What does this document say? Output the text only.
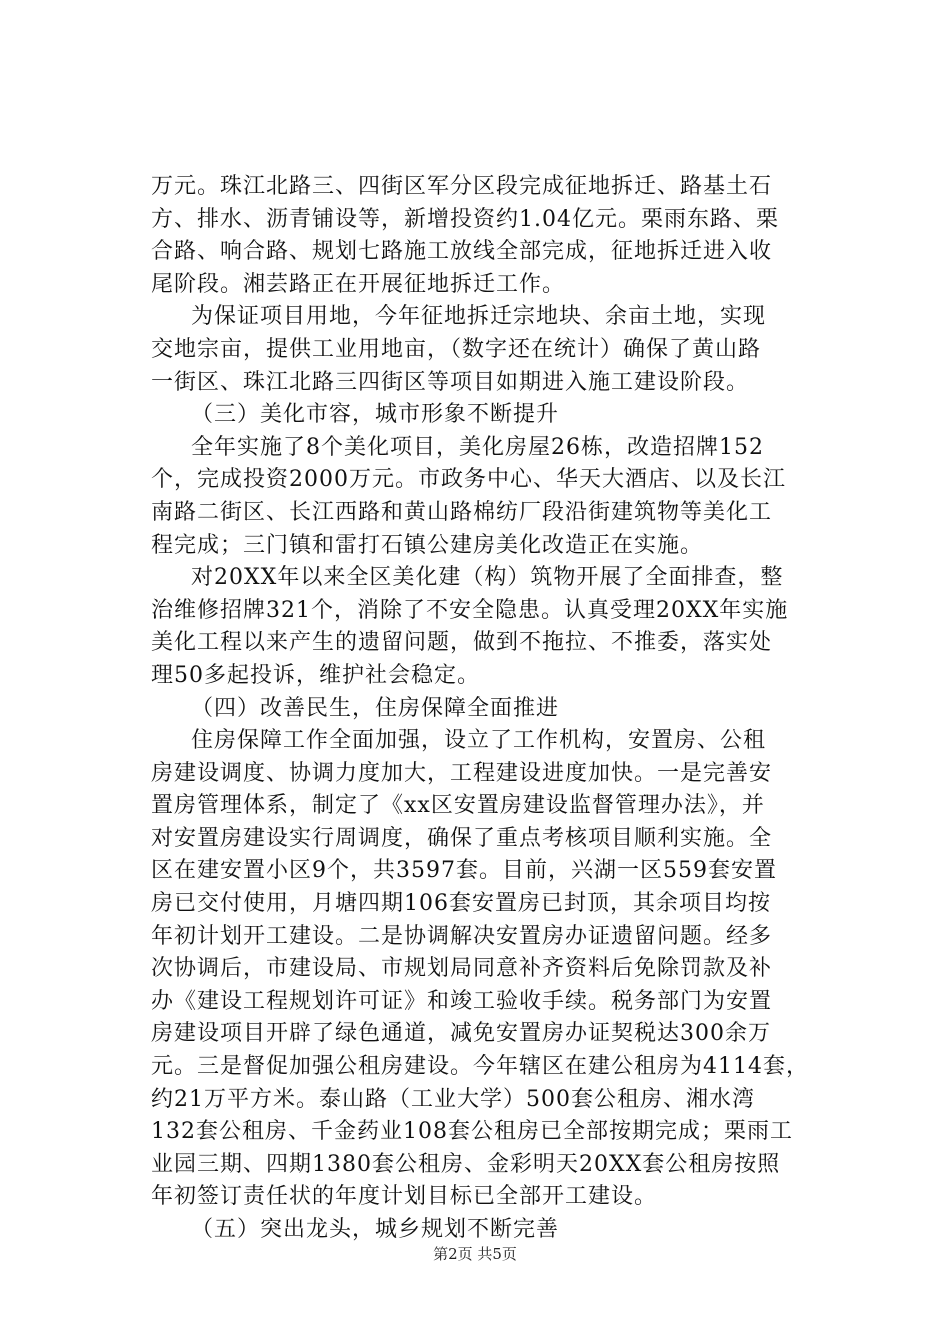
万元。珠江北路三、四街区军分区段完成征地拆迁、路基土石
方、排水、沥青铺设等，新增投资约1.04亿元。栗雨东路、栗
合路、响合路、规划七路施工放线全部完成，征地拆迁进入收
尾阶段。湘芸路正在开展征地拆迁工作。
为保证项目用地，今年征地拆迁宗地块、余亩土地，实现
交地宗亩，提供工业用地亩，（数字还在统计）确保了黄山路
一街区、珠江北路三四街区等项目如期进入施工建设阶段。
（三）美化市容，城市形象不断提升
全年实施了8个美化项目，美化房屋26栋，改造招牌152
个，完成投资2000万元。市政务中心、华天大酒店、以及长江
南路二街区、长江西路和黄山路棉纺厂段沿街建筑物等美化工
程完成；三门镇和雷打石镇公建房美化改造正在实施。
对20XX年以来全区美化建（构）筑物开展了全面排查，整
治维修招牌321个，消除了不安全隐患。认真受理20XX年实施
美化工程以来产生的遗留问题，做到不拖拉、不推委，落实处
理50多起投诉，维护社会稳定。
（四）改善民生，住房保障全面推进
住房保障工作全面加强，设立了工作机构，安置房、公租
房建设调度、协调力度加大，工程建设进度加快。一是完善安
置房管理体系，制定了《xx区安置房建设监督管理办法》，并
对安置房建设实行周调度，确保了重点考核项目顺利实施。全
区在建安置小区9个，共3597套。目前，兴湖一区559套安置
房已交付使用，月塘四期106套安置房已封顶，其余项目均按
年初计划开工建设。二是协调解决安置房办证遗留问题。经多
次协调后，市建设局、市规划局同意补齐资料后免除罚款及补
办《建设工程规划许可证》和竣工验收手续。税务部门为安置
房建设项目开辟了绿色通道，减免安置房办证契税达300余万
元。三是督促加强公租房建设。今年辖区在建公租房为4114套，
约21万平方米。泰山路（工业大学）500套公租房、湘水湾
132套公租房、千金药业108套公租房已全部按期完成；栗雨工
业园三期、四期1380套公租房、金彩明天20XX套公租房按照
年初签订责任状的年度计划目标已全部开工建设。
（五）突出龙头，城乡规划不断完善
第2页 共5页
